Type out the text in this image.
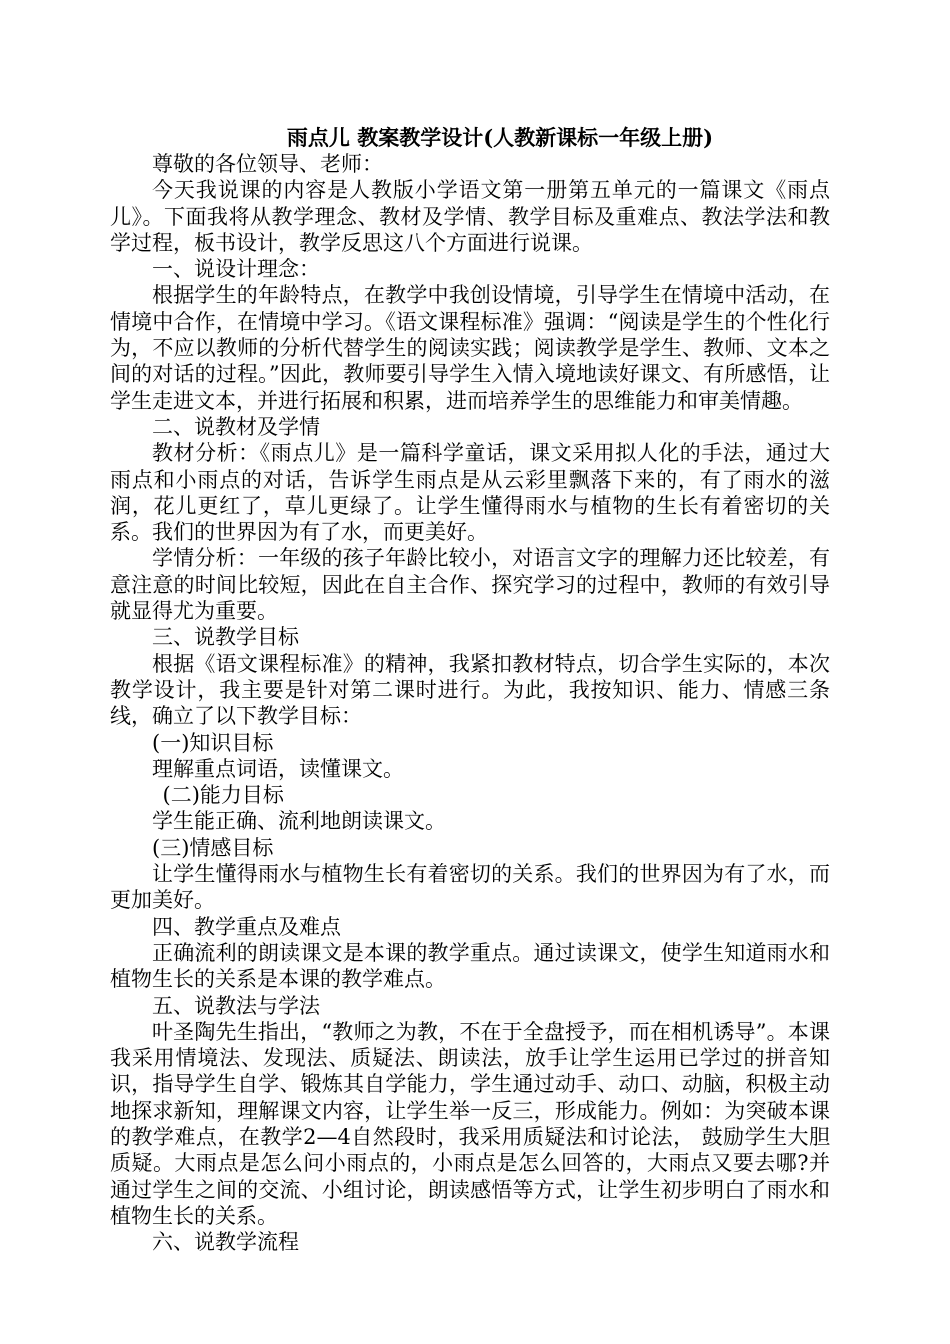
雨点儿 教案教学设计(人教新课标一年级上册)

尊敬的各位领导、老师：

今天我说课的内容是人教版小学语文第一册第五单元的一篇课文《雨点儿》。下面我将从教学理念、教材及学情、教学目标及重难点、教法学法和教学过程，板书设计，教学反思这八个方面进行说课。

一、说设计理念：

根据学生的年龄特点，在教学中我创设情境，引导学生在情境中活动，在情境中合作，在情境中学习。《语文课程标准》强调：“阅读是学生的个性化行为，不应以教师的分析代替学生的阅读实践；阅读教学是学生、教师、文本之间的对话的过程。”因此，教师要引导学生入情入境地读好课文、有所感悟，让学生走进文本，并进行拓展和积累，进而培养学生的思维能力和审美情趣。

二、说教材及学情

教材分析：《雨点儿》是一篇科学童话，课文采用拟人化的手法，通过大雨点和小雨点的对话，告诉学生雨点是从云彩里飘落下来的，有了雨水的滋润，花儿更红了，草儿更绿了。让学生懂得雨水与植物的生长有着密切的关系。我们的世界因为有了水，而更美好。

学情分析：一年级的孩子年龄比较小，对语言文字的理解力还比较差，有意注意的时间比较短，因此在自主合作、探究学习的过程中，教师的有效引导就显得尤为重要。

三、说教学目标

根据《语文课程标准》的精神，我紧扣教材特点，切合学生实际的，本次教学设计，我主要是针对第二课时进行。为此，我按知识、能力、情感三条线，确立了以下教学目标：

(一)知识目标

理解重点词语，读懂课文。

(二)能力目标

学生能正确、流利地朗读课文。

(三)情感目标

让学生懂得雨水与植物生长有着密切的关系。我们的世界因为有了水，而更加美好。

四、教学重点及难点

正确流利的朗读课文是本课的教学重点。通过读课文，使学生知道雨水和植物生长的关系是本课的教学难点。

五、说教法与学法

叶圣陶先生指出，“教师之为教，不在于全盘授予，而在相机诱导”。本课我采用情境法、发现法、质疑法、朗读法，放手让学生运用已学过的拼音知识，指导学生自学、锻炼其自学能力，学生通过动手、动口、动脑，积极主动地探求新知，理解课文内容，让学生举一反三，形成能力。例如：为突破本课的教学难点，在教学2—4自然段时，我采用质疑法和讨论法， 鼓励学生大胆质疑。大雨点是怎么问小雨点的，小雨点是怎么回答的，大雨点又要去哪?并通过学生之间的交流、小组讨论，朗读感悟等方式，让学生初步明白了雨水和植物生长的关系。

六、说教学流程
